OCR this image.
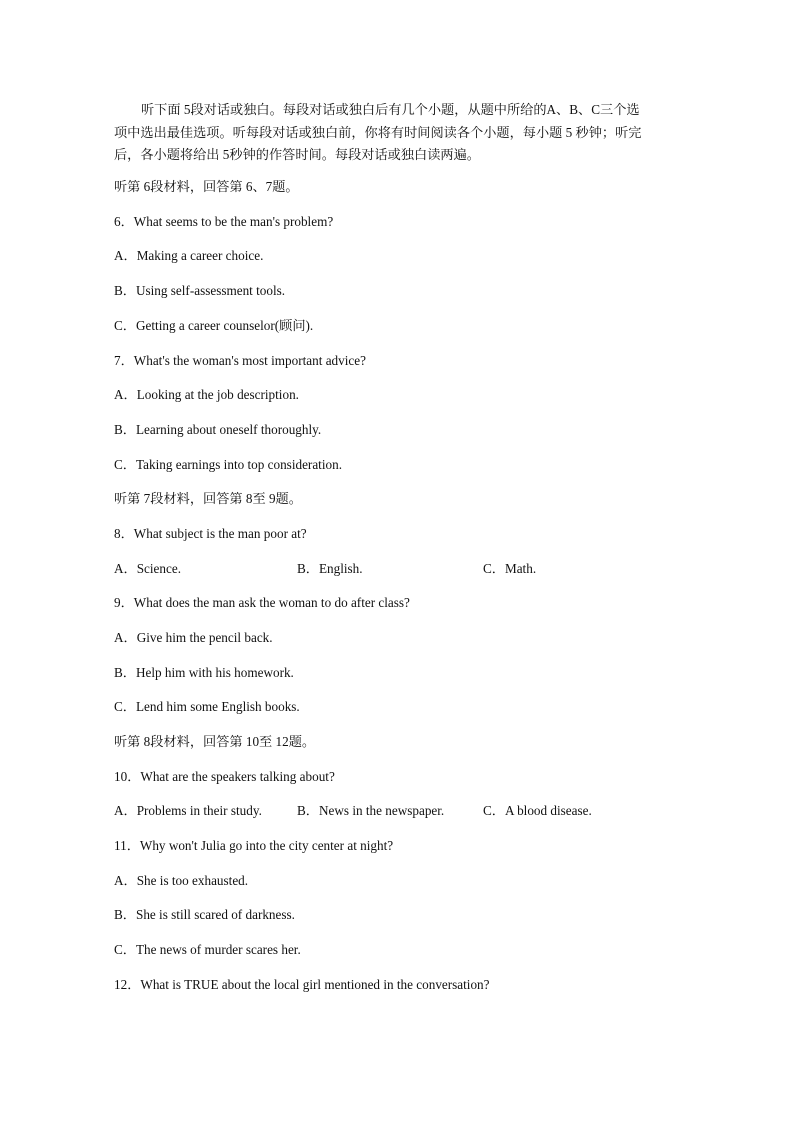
听下面 5段对话或独白。每段对话或独白后有几个小题，从题中所给的A、B、C三个选

项中选出最佳选项。听每段对话或独白前，你将有时间阅读各个小题，每小题 5 秒钟；听完

后，各小题将给出 5秒钟的作答时间。每段对话或独白读两遍。

听第 6段材料，回答第 6、7题。
6．What seems to be the man's problem?
A．Making a career choice.
B．Using self-assessment tools.
C．Getting a career counselor(顾问).
7．What's the woman's most important advice?
A．Looking at the job description.
B．Learning about oneself thoroughly.
C．Taking earnings into top consideration.
听第 7段材料，回答第 8至 9题。
8．What subject is the man poor at?
A．Science.	B．English.	C．Math.
9．What does the man ask the woman to do after class?
A．Give him the pencil back.
B．Help him with his homework.
C．Lend him some English books.
听第 8段材料，回答第 10至 12题。
10．What are the speakers talking about?
A．Problems in their study.	B．News in the newspaper.	C．A blood disease.
11．Why won't Julia go into the city center at night?
A．She is too exhausted.
B．She is still scared of darkness.
C．The news of murder scares her.
12．What is TRUE about the local girl mentioned in the conversation?
